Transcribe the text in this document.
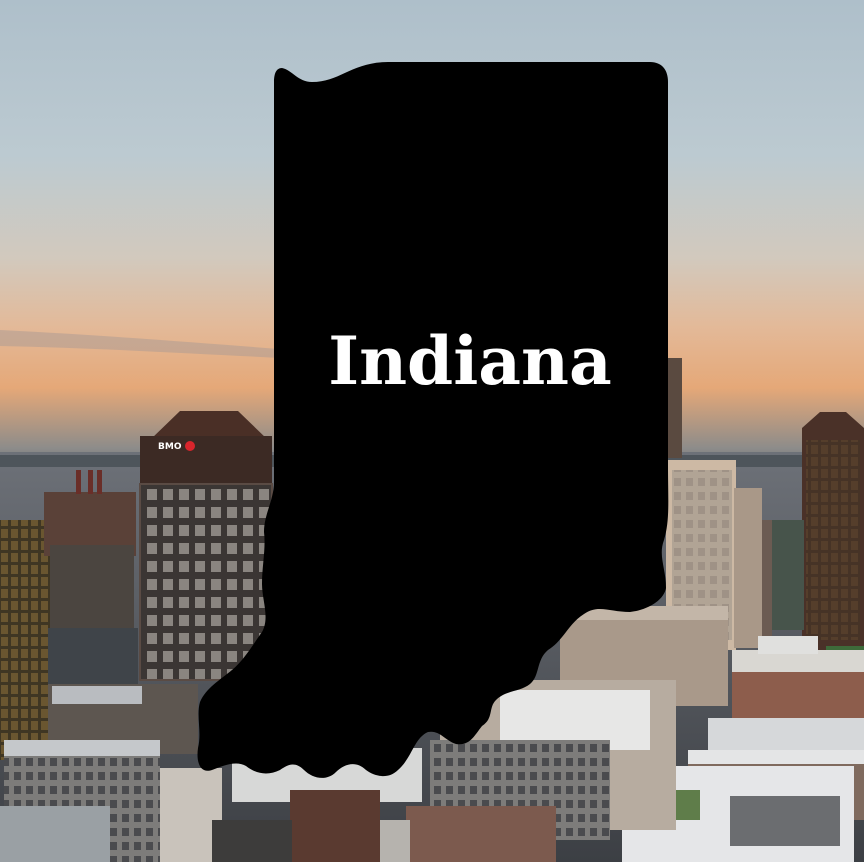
BMO
Indiana
